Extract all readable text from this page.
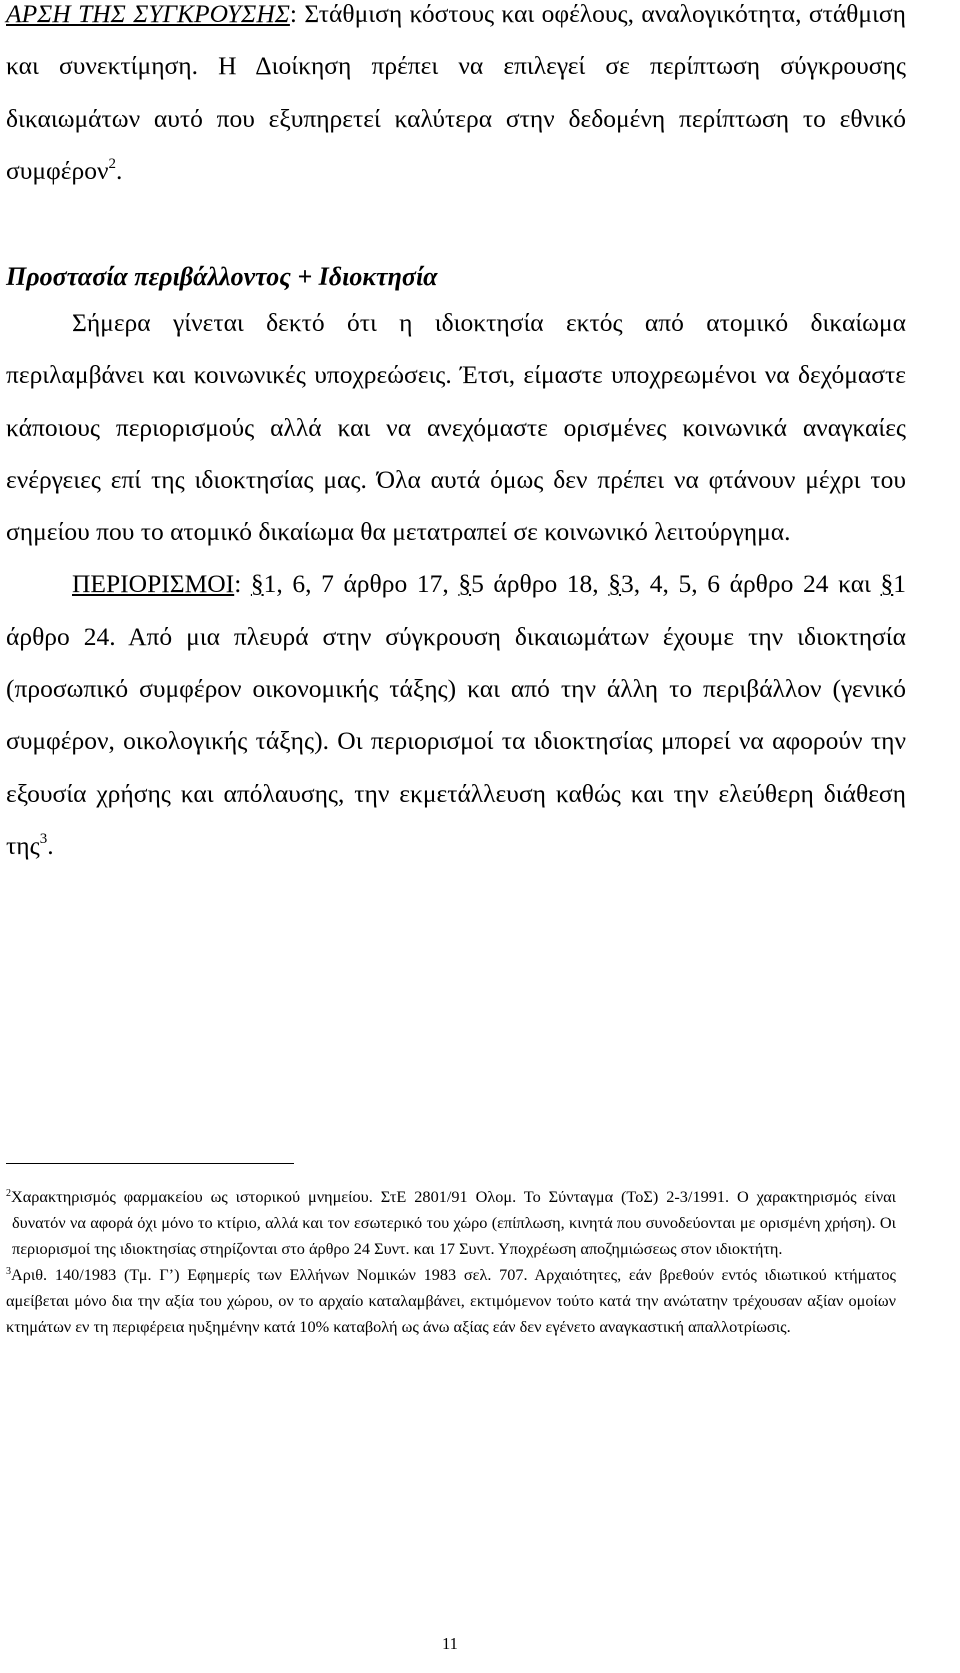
ΑΡΣΗ ΤΗΣ ΣΥΓΚΡΟΥΣΗΣ: Στάθμιση κόστους και οφέλους, αναλογικότητα, στάθμιση και συνεκτίμηση. Η Διοίκηση πρέπει να επιλεγεί σε περίπτωση σύγκρουσης δικαιωμάτων αυτό που εξυπηρετεί καλύτερα στην δεδομένη περίπτωση το εθνικό συμφέρον$^2$.

Προστασία περιβάλλοντος + Ιδιοκτησία

Σήμερα γίνεται δεκτό ότι η ιδιοκτησία εκτός από ατομικό δικαίωμα περιλαμβάνει και κοινωνικές υποχρεώσεις. Έτσι, είμαστε υποχρεωμένοι να δεχόμαστε κάποιους περιορισμούς αλλά και να ανεχόμαστε ορισμένες κοινωνικά αναγκαίες ενέργειες επί της ιδιοκτησίας μας. Όλα αυτά όμως δεν πρέπει να φτάνουν μέχρι του σημείου που το ατομικό δικαίωμα θα μετατραπεί σε κοινωνικό λειτούργημα.

ΠΕΡΙΟΡΙΣΜΟΙ: §1, 6, 7 άρθρο 17, §5 άρθρο 18, §3, 4, 5, 6 άρθρο 24 και §1 άρθρο 24. Από μια πλευρά στην σύγκρουση δικαιωμάτων έχουμε την ιδιοκτησία (προσωπικό συμφέρον οικονομικής τάξης) και από την άλλη το περιβάλλον (γενικό συμφέρον, οικολογικής τάξης). Οι περιορισμοί τα ιδιοκτησίας μπορεί να αφορούν την εξουσία χρήσης και απόλαυσης, την εκμετάλλευση καθώς και την ελεύθερη διάθεση της$^3$.

$^2$Χαρακτηρισμός φαρμακείου ως ιστορικού μνημείου. ΣτΕ 2801/91 Ολομ. Το Σύνταγμα (ΤοΣ) 2-3/1991. Ο χαρακτηρισμός είναι δυνατόν να αφορά όχι μόνο το κτίριο, αλλά και τον εσωτερικό του χώρο (επίπλωση, κινητά που συνοδεύονται με ορισμένη χρήση). Οι περιορισμοί της ιδιοκτησίας στηρίζονται στο άρθρο 24 Συντ. και 17 Συντ. Υποχρέωση αποζημιώσεως στον ιδιοκτήτη.

$^3$Αριθ. 140/1983 (Τμ. Γ’) Εφημερίς των Ελλήνων Νομικών 1983 σελ. 707. Αρχαιότητες, εάν βρεθούν εντός ιδιωτικού κτήματος αμείβεται μόνο δια την αξία του χώρου, ον το αρχαίο καταλαμβάνει, εκτιμόμενον τούτο κατά την ανώτατην τρέχουσαν αξίαν ομοίων κτημάτων εν τη περιφέρεια ηυξημένην κατά 10% καταβολή ως άνω αξίας εάν δεν εγένετο αναγκαστική απαλλοτρίωσις.

11
